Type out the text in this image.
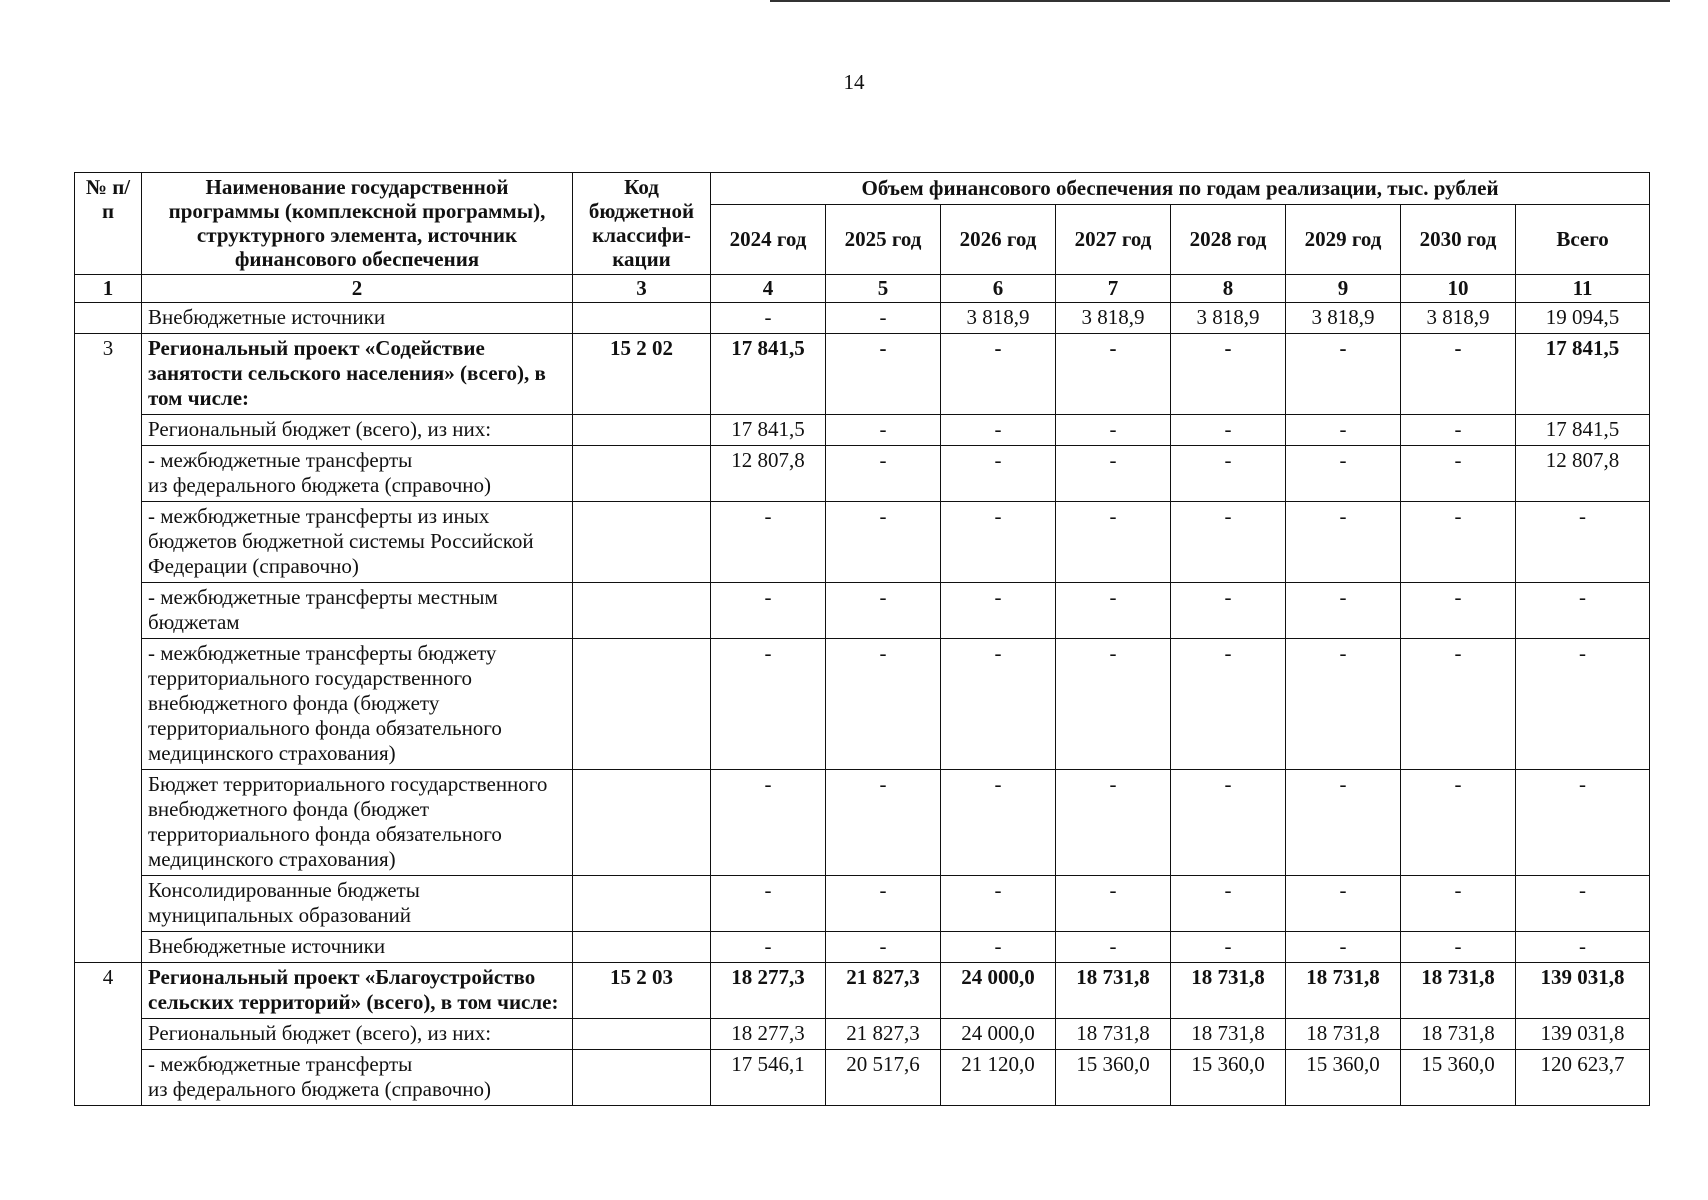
14
№ п/п	Наименование государственной программы (комплексной программы), структурного элемента, источник финансового обеспечения	Код бюджетной классифи-кации	Объем финансового обеспечения по годам реализации, тыс. рублей							
			2024 год	2025 год	2026 год	2027 год	2028 год	2029 год	2030 год	Всего
1	2	3	4	5	6	7	8	9	10	11
	Внебюджетные источники		-	-	3 818,9	3 818,9	3 818,9	3 818,9	3 818,9	19 094,5
3	Региональный проект «Содействие занятости сельского населения» (всего), в том числе:	15 2 02	17 841,5	-	-	-	-	-	-	17 841,5
	Региональный бюджет (всего), из них:		17 841,5	-	-	-	-	-	-	17 841,5
	- межбюджетные трансферты
из федерального бюджета (справочно)		12 807,8	-	-	-	-	-	-	12 807,8
	- межбюджетные трансферты из иных бюджетов бюджетной системы Российской Федерации (справочно)		-	-	-	-	-	-	-	-
	- межбюджетные трансферты местным бюджетам		-	-	-	-	-	-	-	-
	- межбюджетные трансферты бюджету территориального государственного внебюджетного фонда (бюджету территориального фонда обязательного медицинского страхования)		-	-	-	-	-	-	-	-
	Бюджет территориального государственного внебюджетного фонда (бюджет территориального фонда обязательного медицинского страхования)		-	-	-	-	-	-	-	-
	Консолидированные бюджеты муниципальных образований		-	-	-	-	-	-	-	-
	Внебюджетные источники		-	-	-	-	-	-	-	-
4	Региональный проект «Благоустройство сельских территорий» (всего), в том числе:	15 2 03	18 277,3	21 827,3	24 000,0	18 731,8	18 731,8	18 731,8	18 731,8	139 031,8
	Региональный бюджет (всего), из них:		18 277,3	21 827,3	24 000,0	18 731,8	18 731,8	18 731,8	18 731,8	139 031,8
	- межбюджетные трансферты
из федерального бюджета (справочно)		17 546,1	20 517,6	21 120,0	15 360,0	15 360,0	15 360,0	15 360,0	120 623,7
